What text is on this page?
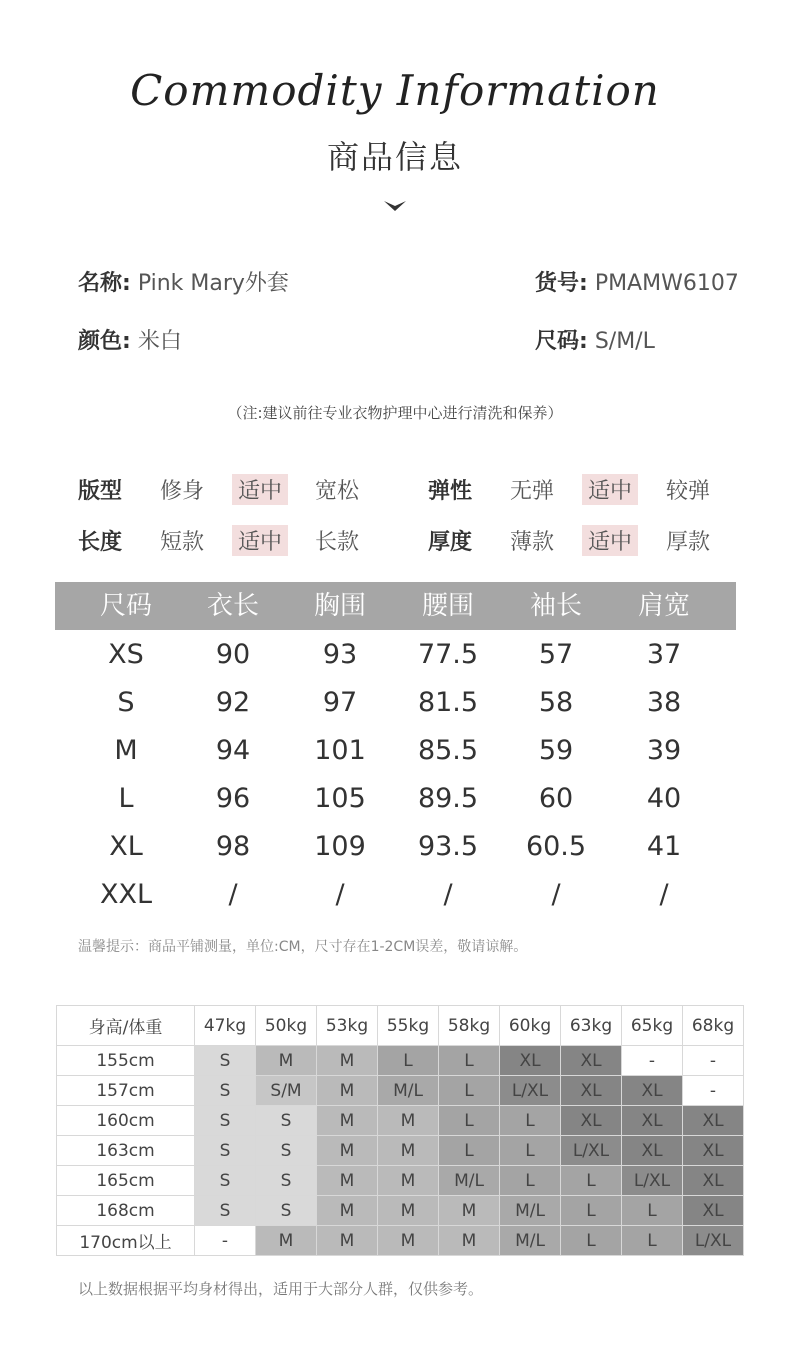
Commodity Information
商品信息
名称: Pink Mary外套	货号: PMAMW6107
颜色: 米白	尺码: S/M/L
（注:建议前往专业衣物护理中心进行清洗和保养）
版型 修身 适中 宽松	弹性 无弹 适中 较弹
长度 短款 适中 长款	厚度 薄款 适中 厚款
尺码	衣长	胸围	腰围	袖长	肩宽
XS	90	93	77.5	57	37
S	92	97	81.5	58	38
M	94	101	85.5	59	39
L	96	105	89.5	60	40
XL	98	109	93.5	60.5	41
XXL	/	/	/	/	/
温馨提示：商品平铺测量，单位:CM，尺寸存在1-2CM误差，敬请谅解。
身高/体重	47kg	50kg	53kg	55kg	58kg	60kg	63kg	65kg	68kg
155cm	S	M	M	L	L	XL	XL	-	-
157cm	S	S/M	M	M/L	L	L/XL	XL	XL	-
160cm	S	S	M	M	L	L	XL	XL	XL
163cm	S	S	M	M	L	L	L/XL	XL	XL
165cm	S	S	M	M	M/L	L	L	L/XL	XL
168cm	S	S	M	M	M	M/L	L	L	XL
170cm以上	-	M	M	M	M	M/L	L	L	L/XL
以上数据根据平均身材得出，适用于大部分人群，仅供参考。
